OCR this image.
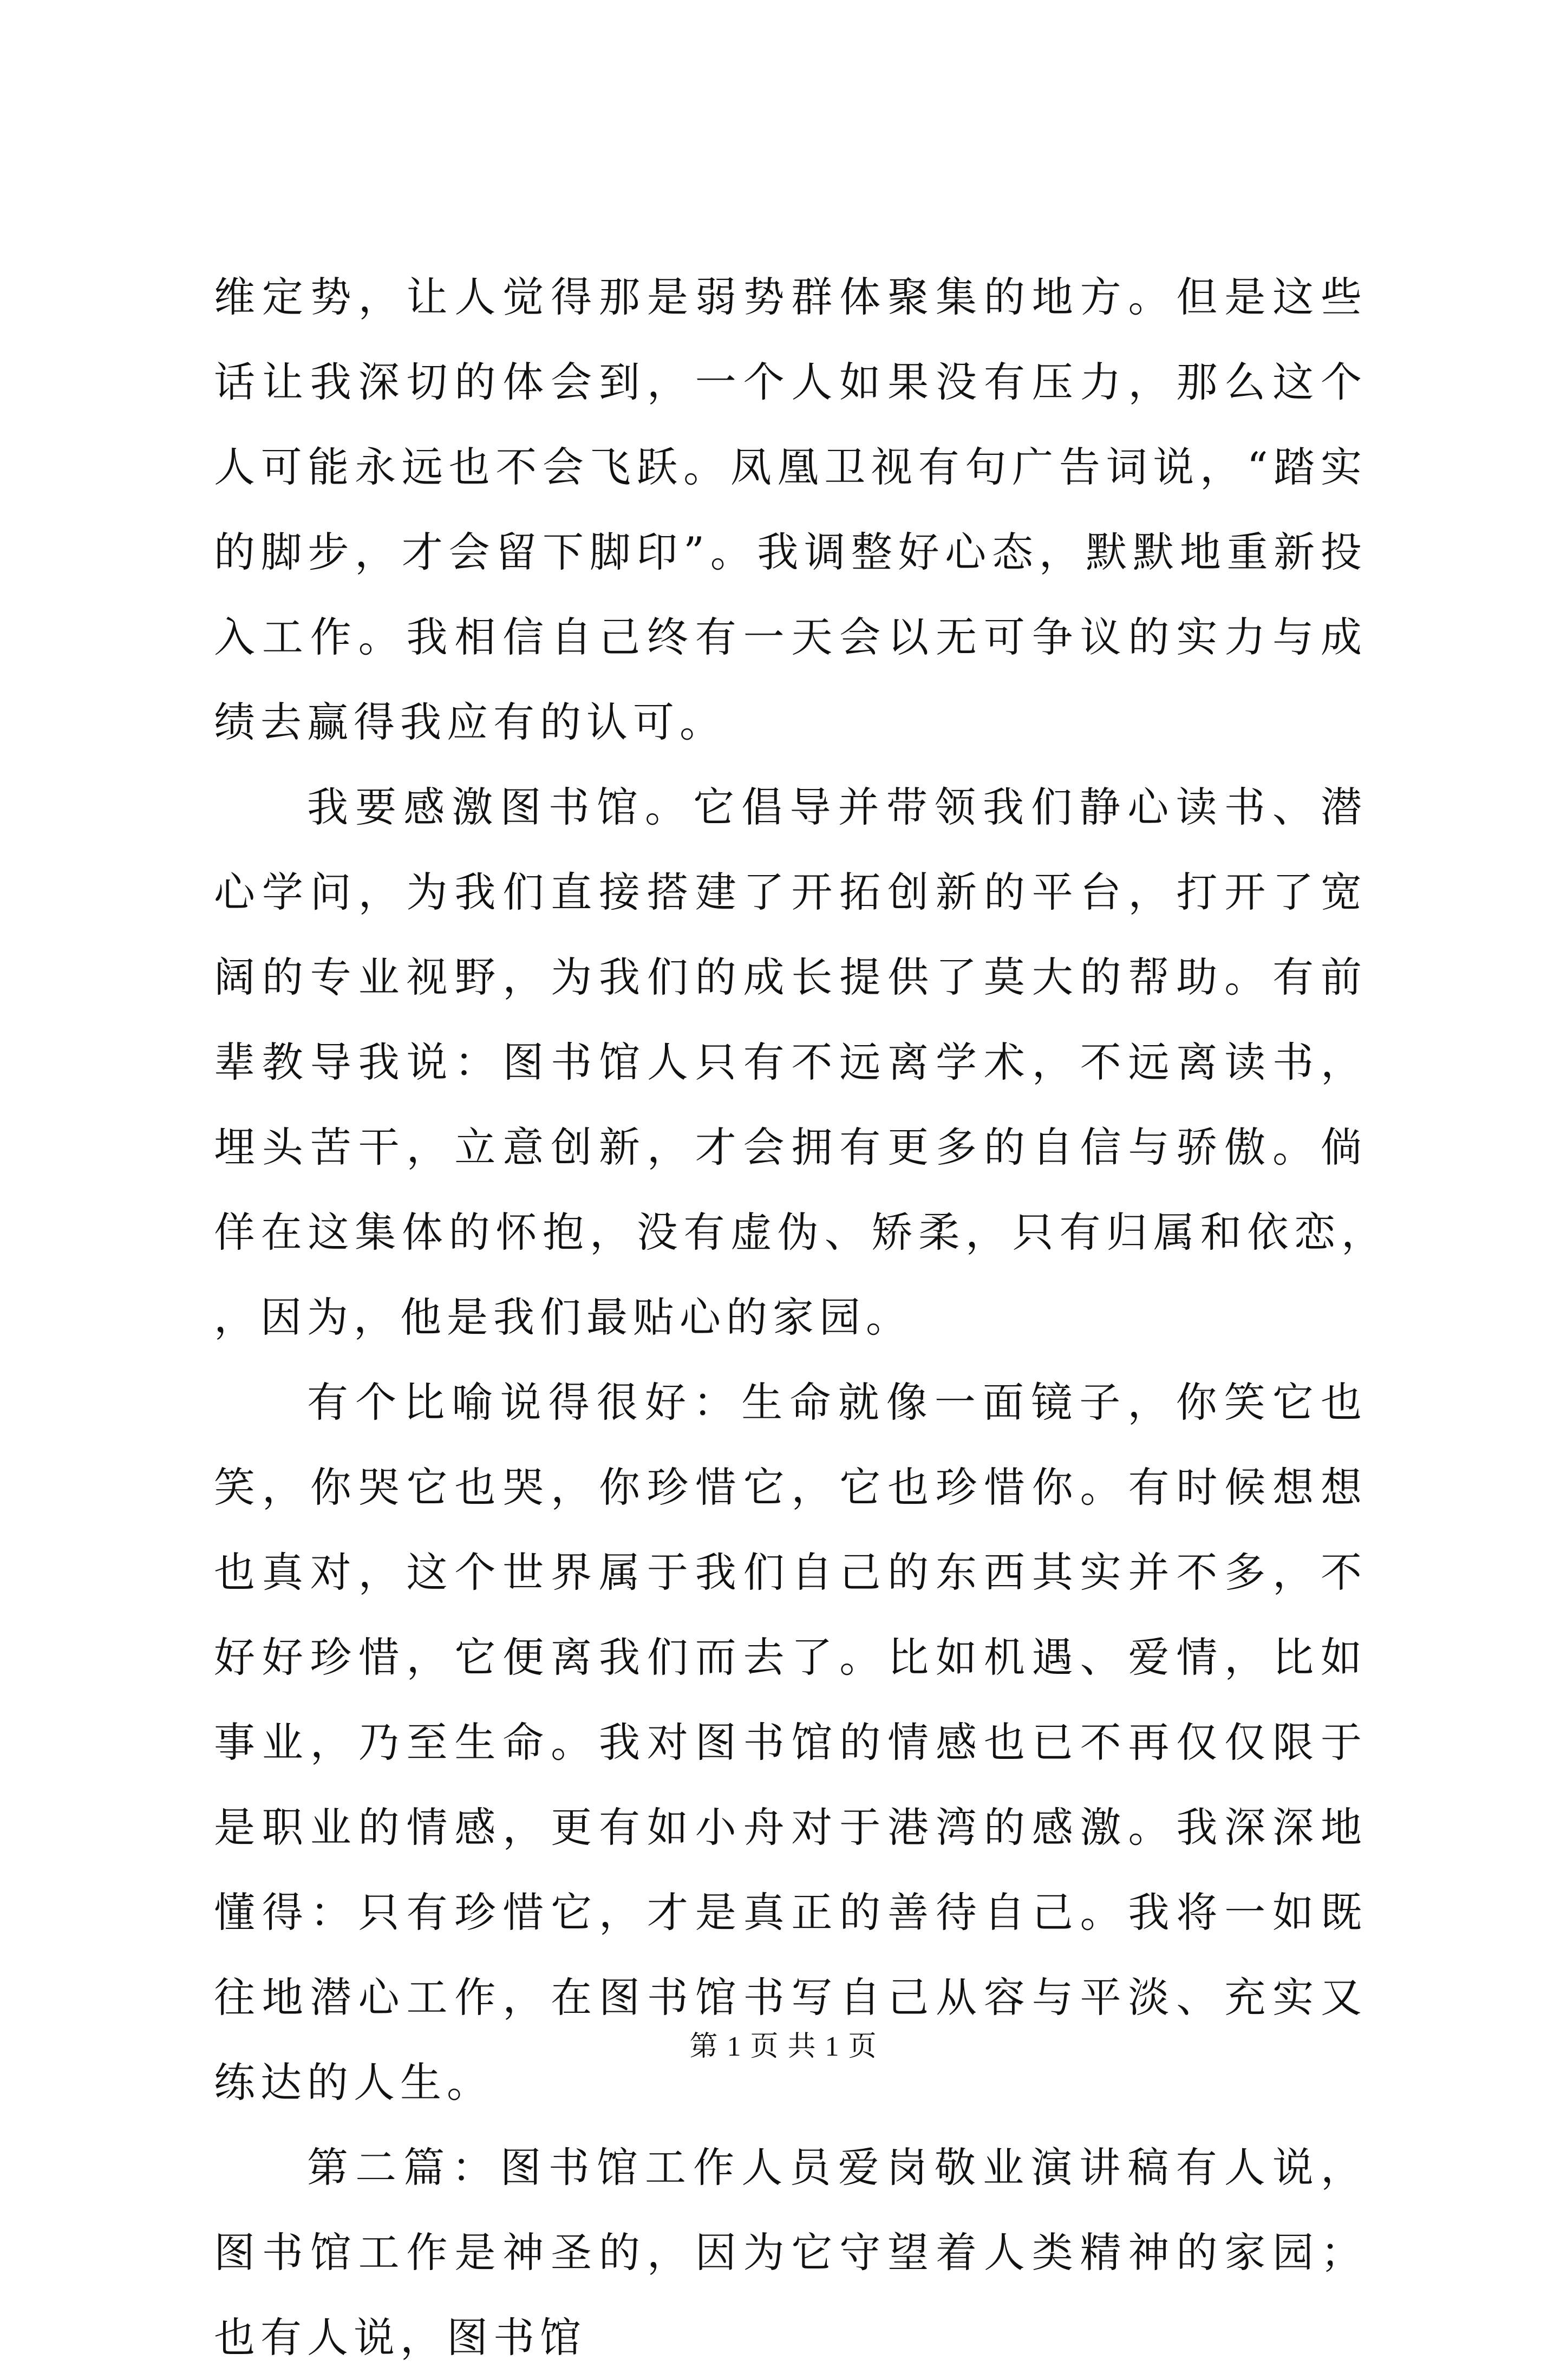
维定势，让人觉得那是弱势群体聚集的地方。但是这些话让我深切的体会到，一个人如果没有压力，那么这个人可能永远也不会飞跃。凤凰卫视有句广告词说，“踏实的脚步，才会留下脚印”。我调整好心态，默默地重新投入工作。我相信自己终有一天会以无可争议的实力与成绩去赢得我应有的认可。

我要感激图书馆。它倡导并带领我们静心读书、潜心学问，为我们直接搭建了开拓创新的平台，打开了宽阔的专业视野，为我们的成长提供了莫大的帮助。有前辈教导我说：图书馆人只有不远离学术，不远离读书，埋头苦干，立意创新，才会拥有更多的自信与骄傲。倘佯在这集体的怀抱，没有虚伪、矫柔，只有归属和依恋，，因为，他是我们最贴心的家园。

有个比喻说得很好：生命就像一面镜子，你笑它也笑，你哭它也哭，你珍惜它，它也珍惜你。有时候想想也真对，这个世界属于我们自己的东西其实并不多，不好好珍惜，它便离我们而去了。比如机遇、爱情，比如事业，乃至生命。我对图书馆的情感也已不再仅仅限于是职业的情感，更有如小舟对于港湾的感激。我深深地懂得：只有珍惜它，才是真正的善待自己。我将一如既往地潜心工作，在图书馆书写自己从容与平淡、充实又练达的人生。

第二篇：图书馆工作人员爱岗敬业演讲稿有人说，图书馆工作是神圣的，因为它守望着人类精神的家园；也有人说，图书馆

第 1 页 共 1 页
